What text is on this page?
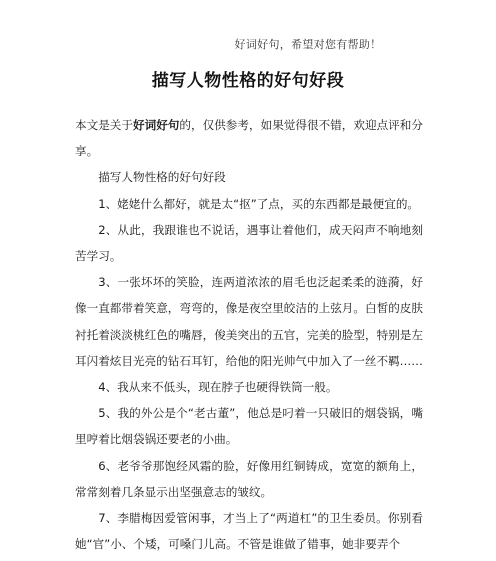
好词好句，希望对您有帮助！
描写人物性格的好句好段

本文是关于好词好句的，仅供参考，如果觉得很不错，欢迎点评和分享。

描写人物性格的好句好段

1、姥姥什么都好，就是太“抠”了点，买的东西都是最便宜的。

2、从此，我跟谁也不说话，遇事让着他们，成天闷声不响地刻苦学习。

3、一张坏坏的笑脸，连两道浓浓的眉毛也泛起柔柔的涟漪，好像一直都带着笑意，弯弯的，像是夜空里皎洁的上弦月。白皙的皮肤衬托着淡淡桃红色的嘴唇，俊美突出的五官，完美的脸型，特别是左耳闪着炫目光亮的钻石耳钉，给他的阳光帅气中加入了一丝不羁……

4、我从来不低头，现在脖子也硬得铁筒一般。

5、我的外公是个“老古董”，他总是叼着一只破旧的烟袋锅，嘴里哼着比烟袋锅还要老的小曲。

6、老爷爷那饱经风霜的脸，好像用红铜铸成，宽宽的额角上，常常刻着几条显示出坚强意志的皱纹。

7、李腊梅因爱管闲事，才当上了“两道杠”的卫生委员。你别看她“官”小、个矮，可嗓门儿高。不管是谁做了错事，她非要弄个
